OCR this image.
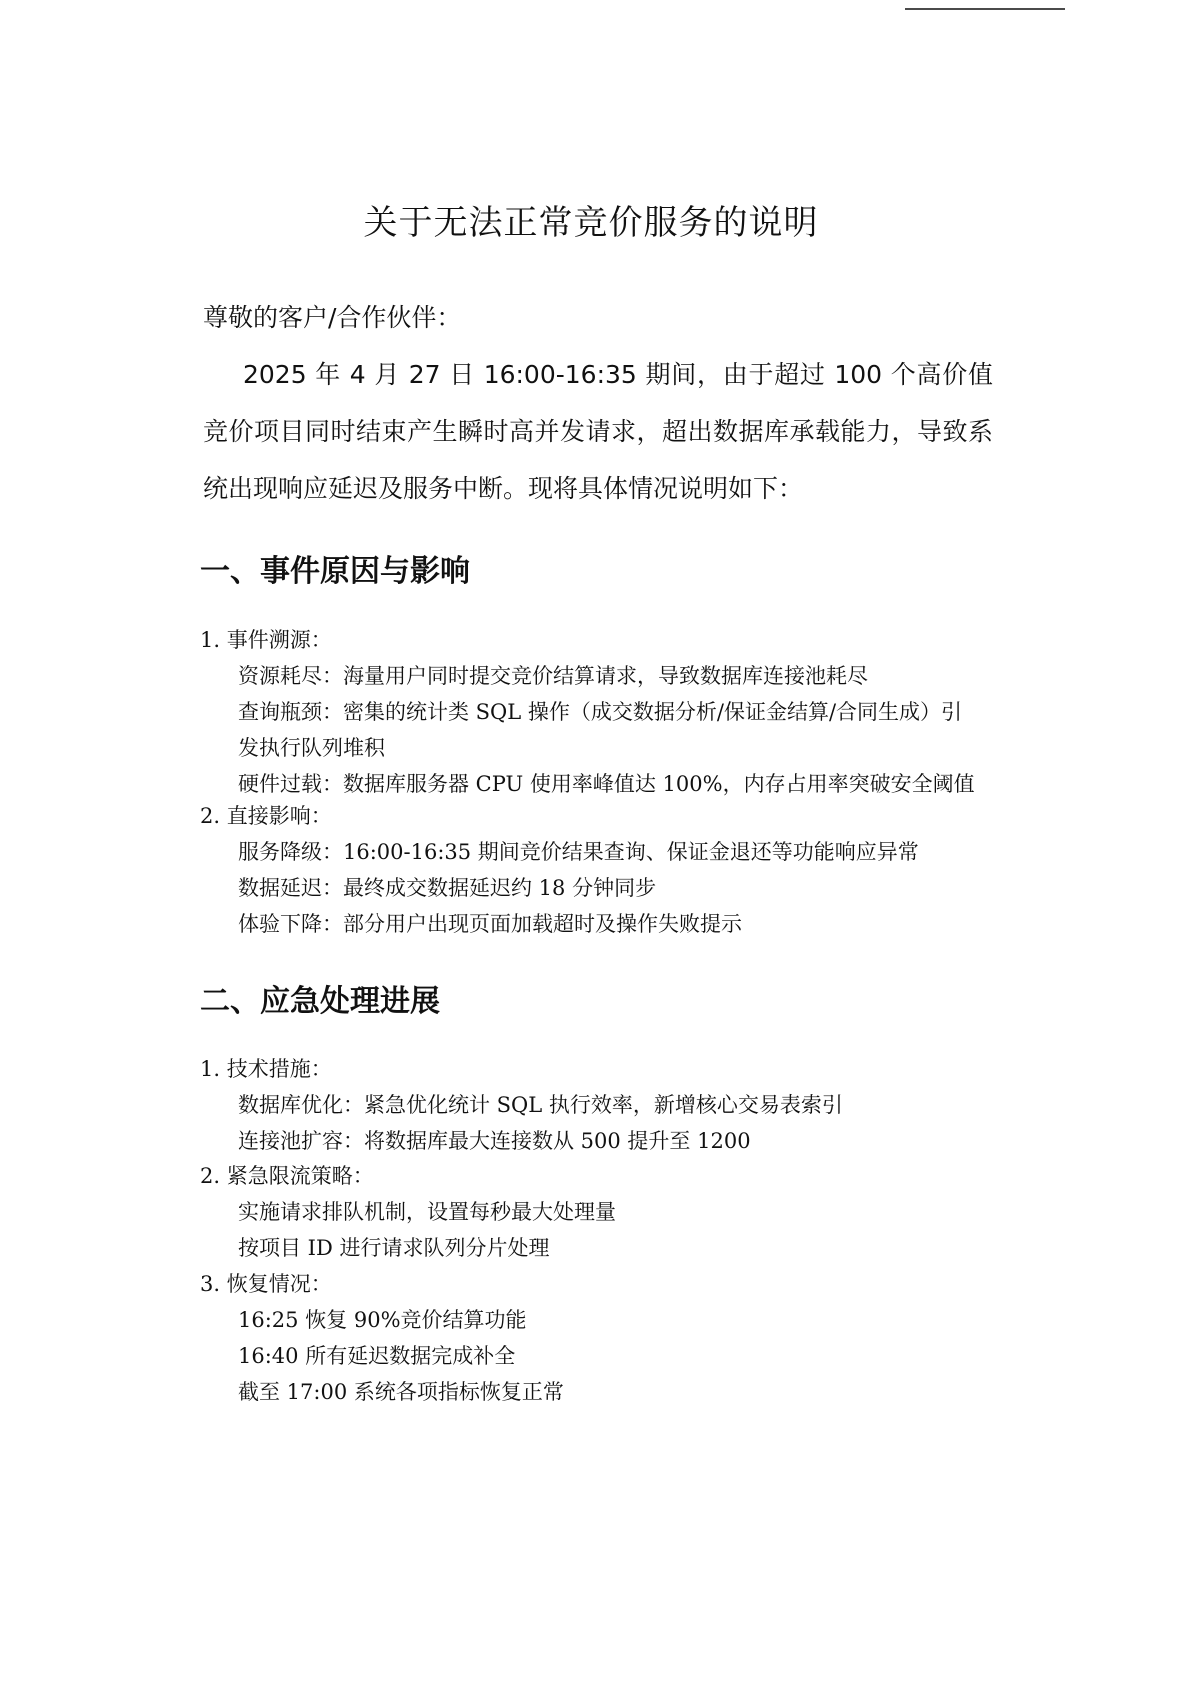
关于无法正常竞价服务的说明

尊敬的客户/合作伙伴：

2025 年 4 月 27 日 16:00-16:35 期间，由于超过 100 个高价值竞价项目同时结束产生瞬时高并发请求，超出数据库承载能力，导致系统出现响应延迟及服务中断。现将具体情况说明如下：

一、事件原因与影响
1. 事件溯源：
资源耗尽：海量用户同时提交竞价结算请求，导致数据库连接池耗尽
查询瓶颈：密集的统计类 SQL 操作（成交数据分析/保证金结算/合同生成）引发执行队列堆积
硬件过载：数据库服务器 CPU 使用率峰值达 100%，内存占用率突破安全阈值
2. 直接影响：
服务降级：16:00-16:35 期间竞价结果查询、保证金退还等功能响应异常
数据延迟：最终成交数据延迟约 18 分钟同步
体验下降：部分用户出现页面加载超时及操作失败提示
二、应急处理进展
1. 技术措施：
数据库优化：紧急优化统计 SQL 执行效率，新增核心交易表索引
连接池扩容：将数据库最大连接数从 500 提升至 1200
2. 紧急限流策略：
实施请求排队机制，设置每秒最大处理量
按项目 ID 进行请求队列分片处理
3. 恢复情况：
16:25 恢复 90%竞价结算功能
16:40 所有延迟数据完成补全
截至 17:00 系统各项指标恢复正常
